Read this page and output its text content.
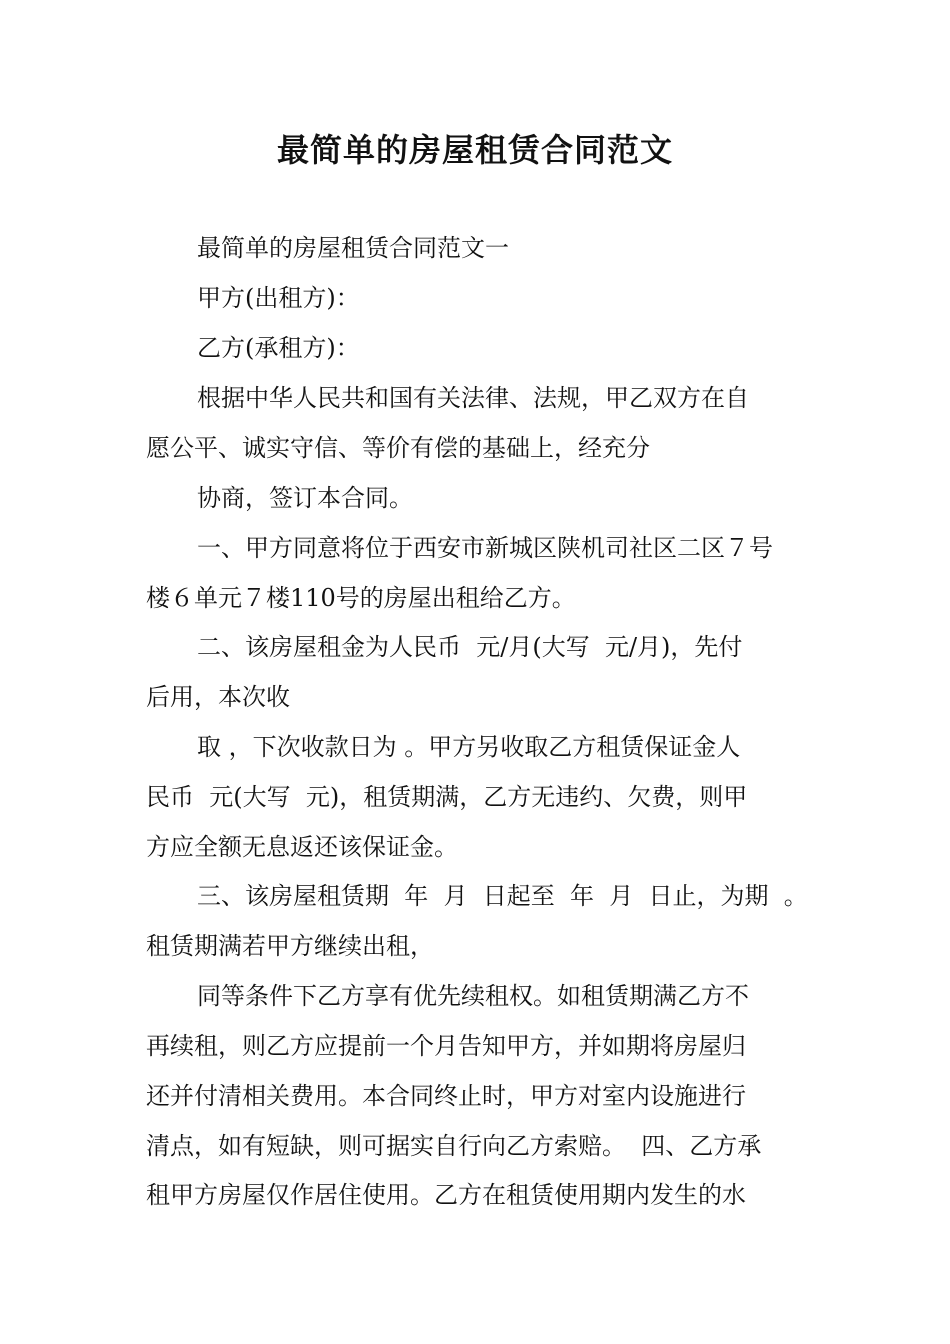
最简单的房屋租赁合同范文
最简单的房屋租赁合同范文一
甲方(出租方)：
乙方(承租方)：
根据中华人民共和国有关法律、法规，甲乙双方在自
愿公平、诚实守信、等价有偿的基础上，经充分
协商，签订本合同。
一、甲方同意将位于西安市新城区陕机司社区二区７号
楼６单元７楼110号的房屋出租给乙方。
二、该房屋租金为人民币  元/月(大写  元/月)，先付
后用，本次收
取 ，下次收款日为 。甲方另收取乙方租赁保证金人
民币  元(大写  元)，租赁期满，乙方无违约、欠费，则甲
方应全额无息返还该保证金。
三、该房屋租赁期  年  月  日起至  年  月  日止，为期  。
租赁期满若甲方继续出租，
同等条件下乙方享有优先续租权。如租赁期满乙方不
再续租，则乙方应提前一个月告知甲方，并如期将房屋归
还并付清相关费用。本合同终止时，甲方对室内设施进行
清点，如有短缺，则可据实自行向乙方索赔。  四、乙方承
租甲方房屋仅作居住使用。乙方在租赁使用期内发生的水
